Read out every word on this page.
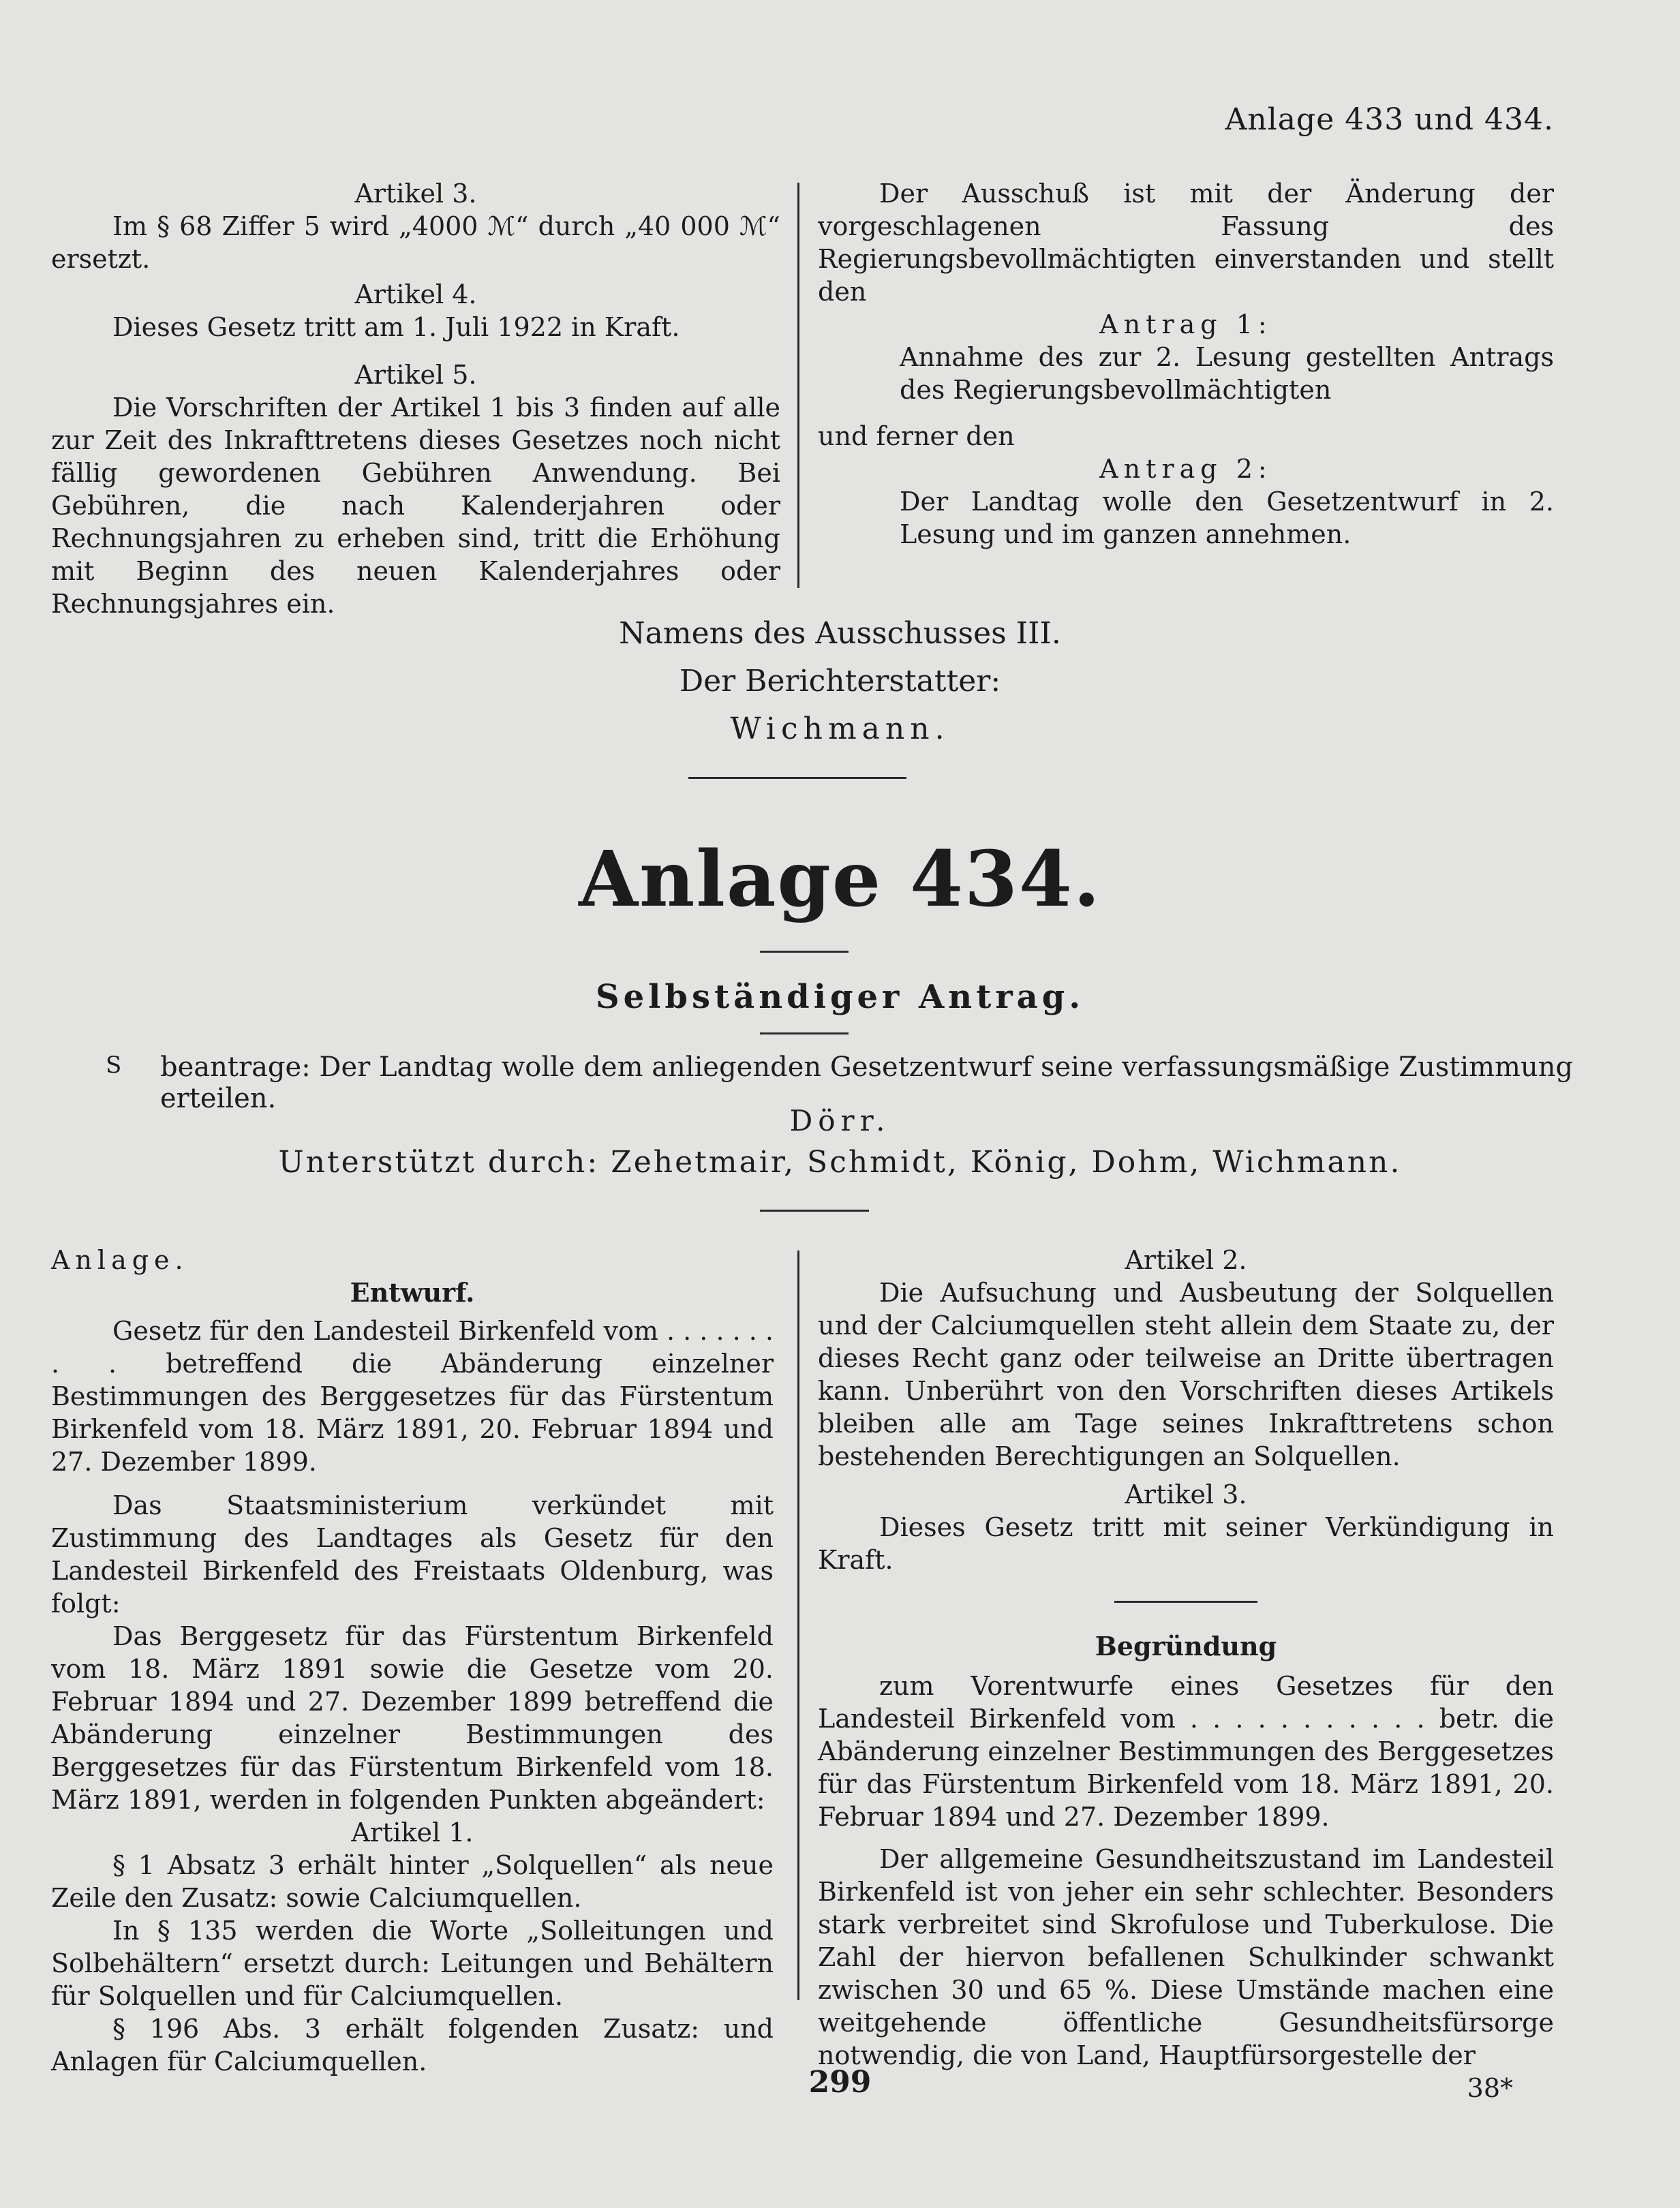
Anlage 433 und 434.

Artikel 3.

Im § 68 Ziffer 5 wird „4000 ℳ“ durch „40 000 ℳ“ ersetzt.

Artikel 4.

Dieses Gesetz tritt am 1. Juli 1922 in Kraft.

Artikel 5.

Die Vorschriften der Artikel 1 bis 3 finden auf alle zur Zeit des Inkrafttretens dieses Gesetzes noch nicht fällig gewordenen Gebühren Anwendung. Bei Gebühren, die nach Kalenderjahren oder Rechnungsjahren zu erheben sind, tritt die Erhöhung mit Beginn des neuen Kalenderjahres oder Rechnungsjahres ein.

Der Ausschuß ist mit der Änderung der vorgeschlagenen Fassung des Regierungsbevollmächtigten einverstanden und stellt den

Antrag 1:

Annahme des zur 2. Lesung gestellten Antrags des Regierungsbevollmächtigten

und ferner den

Antrag 2:

Der Landtag wolle den Gesetzentwurf in 2. Lesung und im ganzen annehmen.

Namens des Ausschusses III.
Der Berichterstatter:
Wichmann.
Anlage 434.
Selbständiger Antrag.
S beantrage: Der Landtag wolle dem anliegenden Gesetzentwurf seine verfassungsmäßige Zustimmung erteilen.
Dörr.
Unterstützt durch: Zehetmair, Schmidt, König, Dohm, Wichmann.

Anlage.

Entwurf.

Gesetz für den Landesteil Birkenfeld vom . . . . . . . . . betreffend die Abänderung einzelner Bestimmungen des Berggesetzes für das Fürstentum Birkenfeld vom 18. März 1891, 20. Februar 1894 und 27. Dezember 1899.

Das Staatsministerium verkündet mit Zustimmung des Landtages als Gesetz für den Landesteil Birkenfeld des Freistaats Oldenburg, was folgt:

Das Berggesetz für das Fürstentum Birkenfeld vom 18. März 1891 sowie die Gesetze vom 20. Februar 1894 und 27. Dezember 1899 betreffend die Abänderung einzelner Bestimmungen des Berggesetzes für das Fürstentum Birkenfeld vom 18. März 1891, werden in folgenden Punkten abgeändert:

Artikel 1.

§ 1 Absatz 3 erhält hinter „Solquellen“ als neue Zeile den Zusatz: sowie Calciumquellen.

In § 135 werden die Worte „Solleitungen und Solbehältern“ ersetzt durch: Leitungen und Behältern für Solquellen und für Calciumquellen.

§ 196 Abs. 3 erhält folgenden Zusatz: und Anlagen für Calciumquellen.

Artikel 2.

Die Aufsuchung und Ausbeutung der Solquellen und der Calciumquellen steht allein dem Staate zu, der dieses Recht ganz oder teilweise an Dritte übertragen kann. Unberührt von den Vorschriften dieses Artikels bleiben alle am Tage seines Inkrafttretens schon bestehenden Berechtigungen an Solquellen.

Artikel 3.

Dieses Gesetz tritt mit seiner Verkündigung in Kraft.

Begründung

zum Vorentwurfe eines Gesetzes für den Landesteil Birkenfeld vom . . . . . . . . . . . betr. die Abänderung einzelner Bestimmungen des Berggesetzes für das Fürstentum Birkenfeld vom 18. März 1891, 20. Februar 1894 und 27. Dezember 1899.

Der allgemeine Gesundheitszustand im Landesteil Birkenfeld ist von jeher ein sehr schlechter. Besonders stark verbreitet sind Skrofulose und Tuberkulose. Die Zahl der hiervon befallenen Schulkinder schwankt zwischen 30 und 65 %. Diese Umstände machen eine weitgehende öffentliche Gesundheitsfürsorge notwendig, die von Land, Hauptfürsorgestelle der

38*

299
